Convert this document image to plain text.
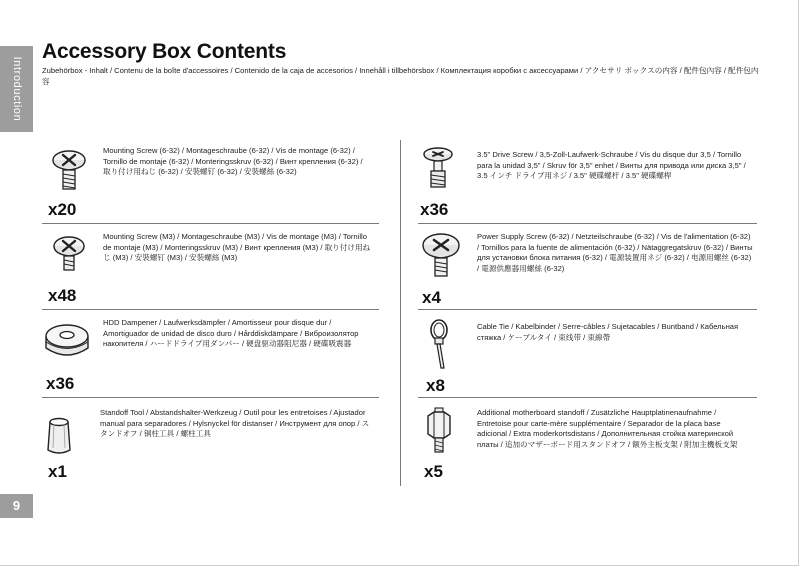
Introduction
9
Accessory Box Contents
Zubehörbox - Inhalt / Contenu de la boîte d'accessoires / Contenido de la caja de accesorios / Innehåll i tillbehörsbox / Комплектация коробки с аксессуарами / アクセサリ ボックスの内容 / 配件包內容 / 配件包内容
x20
Mounting Screw (6-32) / Montageschraube (6-32) / Vis de montage (6-32) / Tornillo de montaje (6-32) / Monteringsskruv (6-32) / Винт крепления (6-32) / 取り付け用ねじ (6-32) / 安裝螺钉 (6-32) / 安裝螺絲 (6-32)
x48
Mounting Screw (M3) / Montageschraube (M3) / Vis de montage (M3) / Tornillo de montaje (M3) / Monteringsskruv (M3) / Винт крепления (M3) / 取り付け用ねじ (M3) / 安裝螺钉 (M3) / 安裝螺絲 (M3)
x36
HDD Dampener / Laufwerksdämpfer / Amortisseur pour disque dur / Amortiguador de unidad de disco duro / Hårddiskdämpare / Виброизолятор накопителя / ハードドライブ用ダンパー / 硬盘驱动器阻尼器 / 硬碟吸震器
x1
Standoff Tool / Abstandshalter-Werkzeug / Outil pour les entretoises / Ajustador manual para separadores / Hylsnyckel för distanser / Инструмент для опор / スタンドオフ / 铜柱工具 / 螺柱工具
x36
3.5" Drive Screw / 3,5-Zoll-Laufwerk-Schraube / Vis du disque dur 3,5 / Tornillo para la unidad 3,5" / Skruv för 3,5" enhet / Винты для привода или диска 3,5" / 3.5 インチ ドライブ用ネジ / 3.5" 硬碟螺杆 / 3.5" 硬碟螺桿
x4
Power Supply Screw (6-32) / Netzteilschraube (6-32) / Vis de l'alimentation (6-32) / Tornillos para la fuente de alimentación (6-32) / Nätaggregatskruv (6-32) / Винты для установки блока питания (6-32) / 電源装置用ネジ (6-32) / 电源用螺丝 (6-32) / 電源供應器用螺絲 (6-32)
x8
Cable Tie / Kabelbinder / Serre-câbles / Sujetacables / Buntband / Кабельная стяжка / ケーブルタイ / 束线带 / 束線帶
x5
Additional motherboard standoff / Zusätzliche Hauptplatinenaufnahme / Entretoise pour carte-mère supplémentaire / Separador de la placa base adicional / Extra moderkortsdistans / Дополнительная стойка материнской платы / 追加のマザーボード用スタンドオフ / 额外主板支架 / 附加主機板支架
